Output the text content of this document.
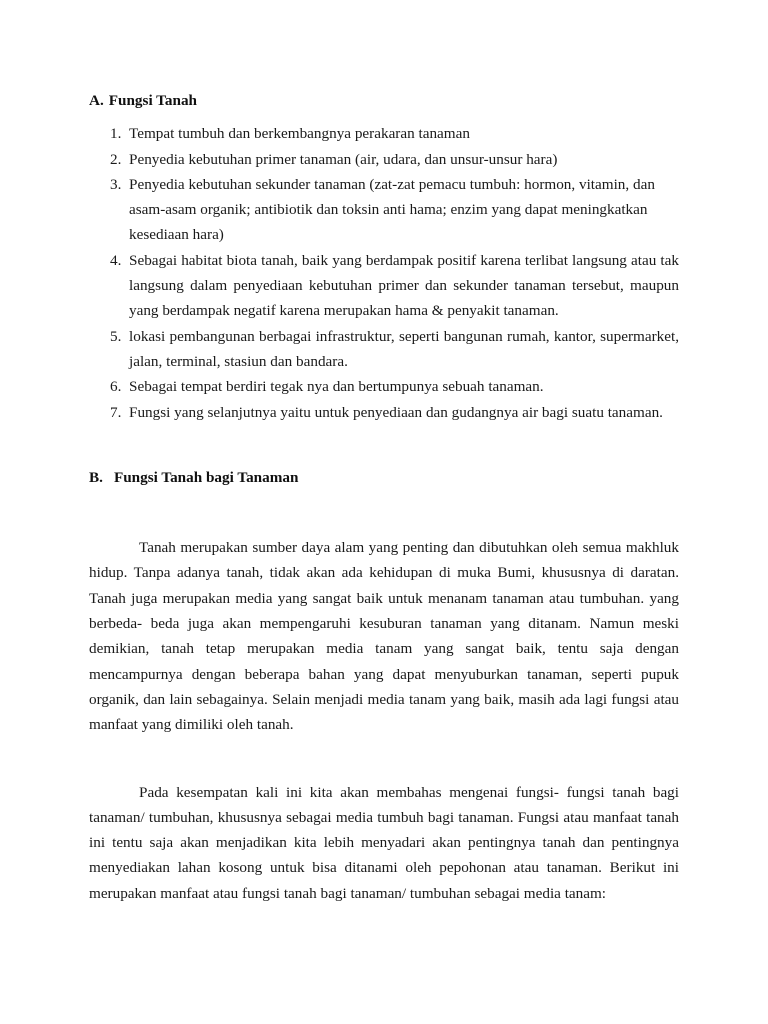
A. Fungsi Tanah
1. Tempat tumbuh dan berkembangnya perakaran tanaman
2. Penyedia kebutuhan primer tanaman (air, udara, dan unsur-unsur hara)
3. Penyedia kebutuhan sekunder tanaman (zat-zat pemacu tumbuh: hormon, vitamin, dan asam-asam organik; antibiotik dan toksin anti hama; enzim yang dapat meningkatkan kesediaan hara)
4. Sebagai habitat biota tanah, baik yang berdampak positif karena terlibat langsung atau tak langsung dalam penyediaan kebutuhan primer dan sekunder tanaman tersebut, maupun yang berdampak negatif karena merupakan hama & penyakit tanaman.
5. lokasi pembangunan berbagai infrastruktur, seperti bangunan rumah, kantor, supermarket, jalan, terminal, stasiun dan bandara.
6. Sebagai tempat berdiri tegak nya dan bertumpunya sebuah tanaman.
7. Fungsi yang selanjutnya yaitu untuk penyediaan dan gudangnya air bagi suatu tanaman.
B. Fungsi Tanah bagi Tanaman

Tanah merupakan sumber daya alam yang penting dan dibutuhkan oleh semua makhluk hidup. Tanpa adanya tanah, tidak akan ada kehidupan di muka Bumi, khususnya di daratan. Tanah juga merupakan media yang sangat baik untuk menanam tanaman atau tumbuhan. yang berbeda- beda juga akan mempengaruhi kesuburan tanaman yang ditanam. Namun meski demikian, tanah tetap merupakan media tanam yang sangat baik, tentu saja dengan mencampurnya dengan beberapa bahan yang dapat menyuburkan tanaman, seperti pupuk organik, dan lain sebagainya. Selain menjadi media tanam yang baik, masih ada lagi fungsi atau manfaat yang dimiliki oleh tanah.

Pada kesempatan kali ini kita akan membahas mengenai fungsi- fungsi tanah bagi tanaman/ tumbuhan, khususnya sebagai media tumbuh bagi tanaman. Fungsi atau manfaat tanah ini tentu saja akan menjadikan kita lebih menyadari akan pentingnya tanah dan pentingnya menyediakan lahan kosong untuk bisa ditanami oleh pepohonan atau tanaman. Berikut ini merupakan manfaat atau fungsi tanah bagi tanaman/ tumbuhan sebagai media tanam:
